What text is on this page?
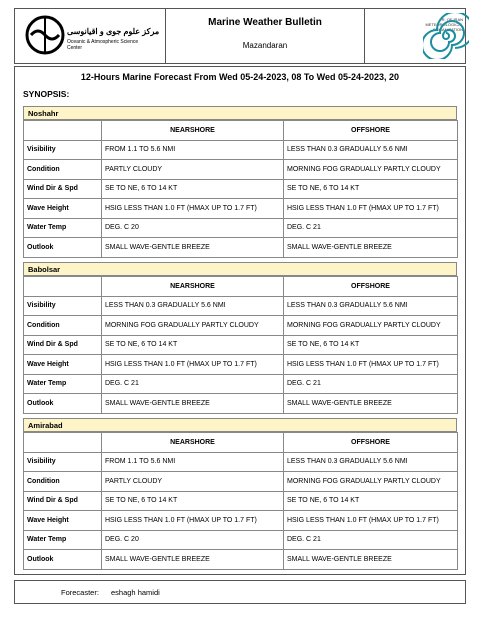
مرکز علوم جوی و اقیانوسی
Oceanic & Atmospheric Science Center
Marine Weather Bulletin
Mazandaran
I.R. OF IRAN METEOROLOGICAL ORGANIZATION
12-Hours Marine Forecast From Wed 05-24-2023, 08 To Wed 05-24-2023, 20
SYNOPSIS:
Noshahr
	NEARSHORE	OFFSHORE
Visibility	FROM 1.1 TO 5.6 NMI	LESS THAN 0.3 GRADUALLY 5.6 NMI
Condition	PARTLY CLOUDY	MORNING FOG GRADUALLY PARTLY CLOUDY
Wind Dir & Spd	SE TO NE, 6 TO 14 KT	SE TO NE, 6 TO 14 KT
Wave Height	HSIG LESS THAN 1.0 FT (HMAX UP TO 1.7 FT)	HSIG LESS THAN 1.0 FT (HMAX UP TO 1.7 FT)
Water Temp	DEG. C 20	DEG. C 21
Outlook	SMALL WAVE-GENTLE BREEZE	SMALL WAVE-GENTLE BREEZE
Babolsar
	NEARSHORE	OFFSHORE
Visibility	LESS THAN 0.3 GRADUALLY 5.6 NMI	LESS THAN 0.3 GRADUALLY 5.6 NMI
Condition	MORNING FOG GRADUALLY PARTLY CLOUDY	MORNING FOG GRADUALLY PARTLY CLOUDY
Wind Dir & Spd	SE TO NE, 6 TO 14 KT	SE TO NE, 6 TO 14 KT
Wave Height	HSIG LESS THAN 1.0 FT (HMAX UP TO 1.7 FT)	HSIG LESS THAN 1.0 FT (HMAX UP TO 1.7 FT)
Water Temp	DEG. C 21	DEG. C 21
Outlook	SMALL WAVE-GENTLE BREEZE	SMALL WAVE-GENTLE BREEZE
Amirabad
	NEARSHORE	OFFSHORE
Visibility	FROM 1.1 TO 5.6 NMI	LESS THAN 0.3 GRADUALLY 5.6 NMI
Condition	PARTLY CLOUDY	MORNING FOG GRADUALLY PARTLY CLOUDY
Wind Dir & Spd	SE TO NE, 6 TO 14 KT	SE TO NE, 6 TO 14 KT
Wave Height	HSIG LESS THAN 1.0 FT (HMAX UP TO 1.7 FT)	HSIG LESS THAN 1.0 FT (HMAX UP TO 1.7 FT)
Water Temp	DEG. C 20	DEG. C 21
Outlook	SMALL WAVE-GENTLE BREEZE	SMALL WAVE-GENTLE BREEZE
Forecaster: eshagh hamidi
